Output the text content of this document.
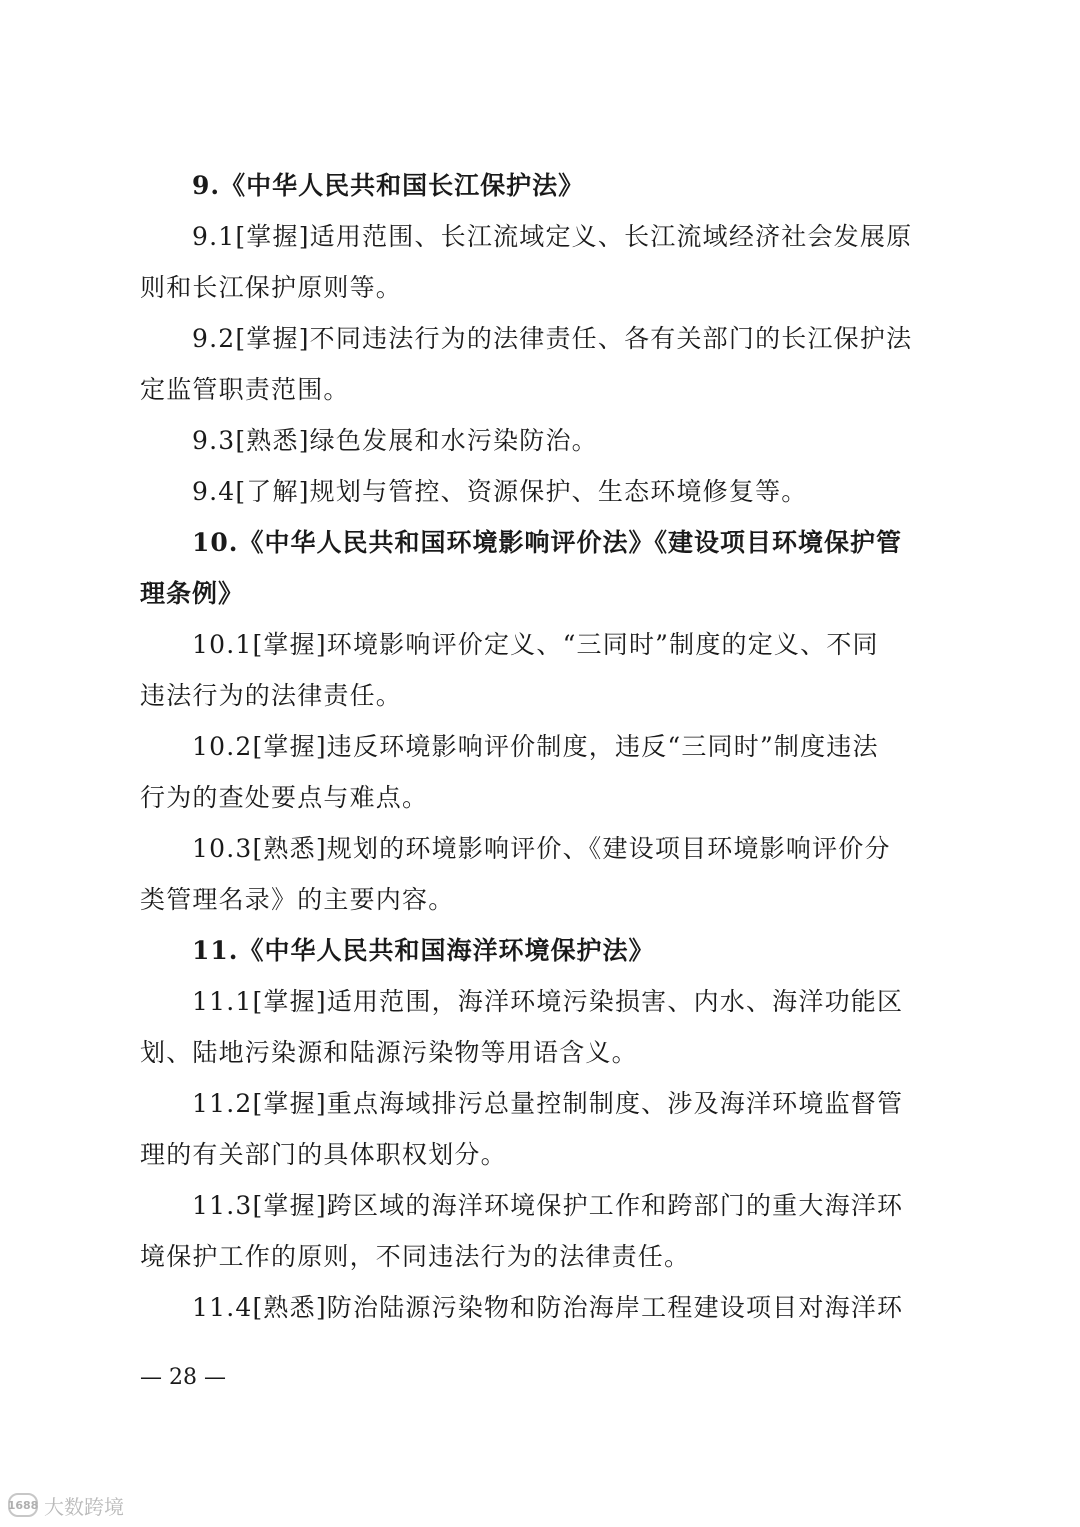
9.《中华人民共和国长江保护法》
9.1[掌握]适用范围、长江流域定义、长江流域经济社会发展原
则和长江保护原则等。
9.2[掌握]不同违法行为的法律责任、各有关部门的长江保护法
定监管职责范围。
9.3[熟悉]绿色发展和水污染防治。
9.4[了解]规划与管控、资源保护、生态环境修复等。
10.《中华人民共和国环境影响评价法》《建设项目环境保护管
理条例》
10.1[掌握]环境影响评价定义、“三同时”制度的定义、不同
违法行为的法律责任。
10.2[掌握]违反环境影响评价制度，违反“三同时”制度违法
行为的查处要点与难点。
10.3[熟悉]规划的环境影响评价、《建设项目环境影响评价分
类管理名录》的主要内容。
11.《中华人民共和国海洋环境保护法》
11.1[掌握]适用范围，海洋环境污染损害、内水、海洋功能区
划、陆地污染源和陆源污染物等用语含义。
11.2[掌握]重点海域排污总量控制制度、涉及海洋环境监督管
理的有关部门的具体职权划分。
11.3[掌握]跨区域的海洋环境保护工作和跨部门的重大海洋环
境保护工作的原则，不同违法行为的法律责任。
11.4[熟悉]防治陆源污染物和防治海岸工程建设项目对海洋环
— 28 —
1688 大数跨境
